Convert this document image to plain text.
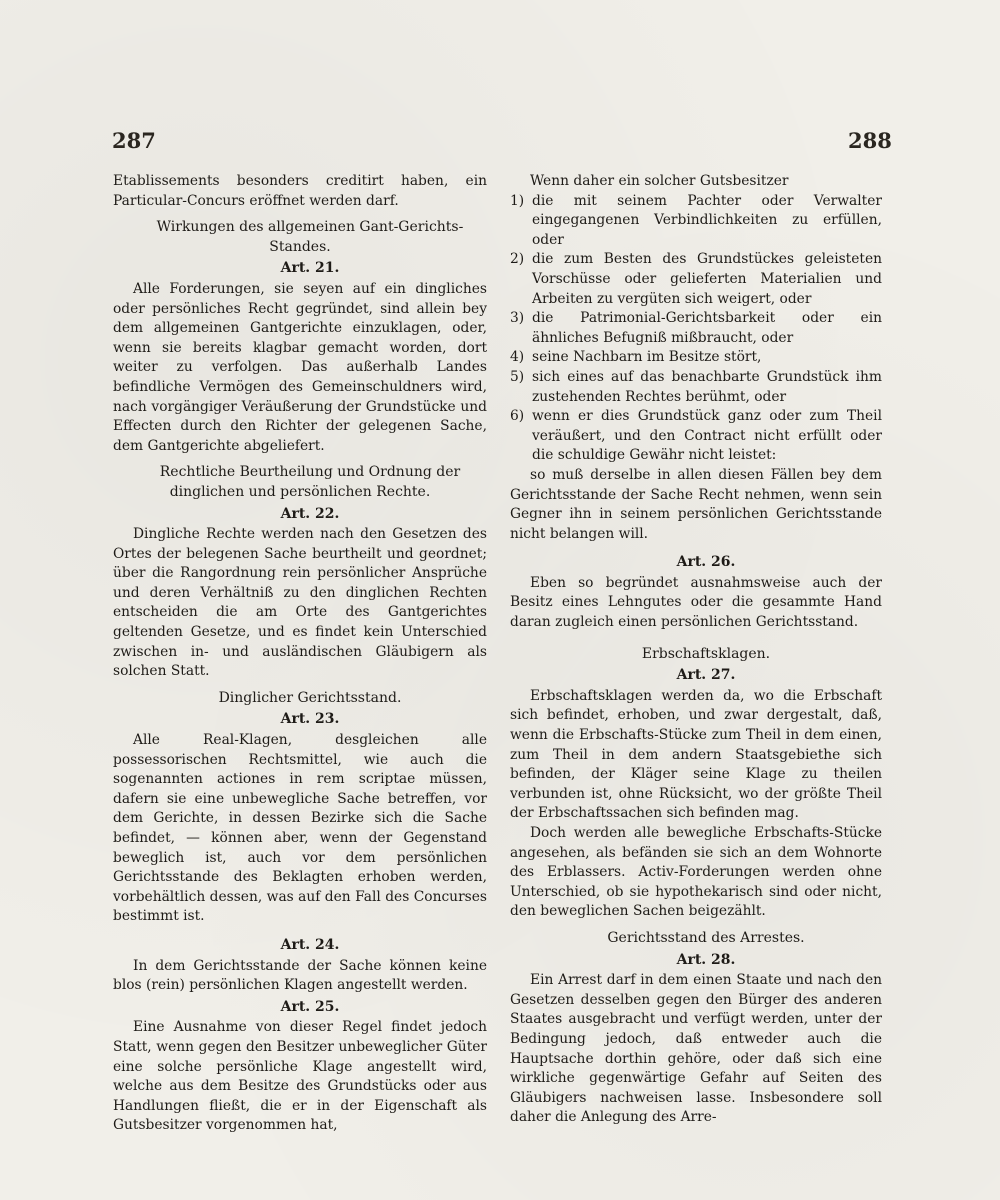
287	288

Etablissements besonders creditirt haben, ein Particular-Concurs eröffnet werden darf.

Wirkungen des allgemeinen Gant-Gerichts-Standes.

Art. 21.

Alle Forderungen, sie seyen auf ein dingliches oder persönliches Recht gegründet, sind allein bey dem allgemeinen Gantgerichte einzuklagen, oder, wenn sie bereits klagbar gemacht worden, dort weiter zu verfolgen. Das außerhalb Landes befindliche Vermögen des Gemeinschuldners wird, nach vorgängiger Veräußerung der Grundstücke und Effecten durch den Richter der gelegenen Sache, dem Gantgerichte abgeliefert.

Rechtliche Beurtheilung und Ordnung der dinglichen und persönlichen Rechte.

Art. 22.

Dingliche Rechte werden nach den Gesetzen des Ortes der belegenen Sache beurtheilt und geordnet; über die Rangordnung rein persönlicher Ansprüche und deren Verhältniß zu den dinglichen Rechten entscheiden die am Orte des Gantgerichtes geltenden Gesetze, und es findet kein Unterschied zwischen in- und ausländischen Gläubigern als solchen Statt.

Dinglicher Gerichtsstand.

Art. 23.

Alle Real-Klagen, desgleichen alle possessorischen Rechtsmittel, wie auch die sogenannten actiones in rem scriptae müssen, dafern sie eine unbewegliche Sache betreffen, vor dem Gerichte, in dessen Bezirke sich die Sache befindet, — können aber, wenn der Gegenstand beweglich ist, auch vor dem persönlichen Gerichtsstande des Beklagten erhoben werden, vorbehältlich dessen, was auf den Fall des Concurses bestimmt ist.

Art. 24.

In dem Gerichtsstande der Sache können keine blos (rein) persönlichen Klagen angestellt werden.

Art. 25.

Eine Ausnahme von dieser Regel findet jedoch Statt, wenn gegen den Besitzer unbeweglicher Güter eine solche persönliche Klage angestellt wird, welche aus dem Besitze des Grundstücks oder aus Handlungen fließt, die er in der Eigenschaft als Gutsbesitzer vorgenommen hat,

Wenn daher ein solcher Gutsbesitzer

1) die mit seinem Pachter oder Verwalter eingegangenen Verbindlichkeiten zu erfüllen, oder
2) die zum Besten des Grundstückes geleisteten Vorschüsse oder gelieferten Materialien und Arbeiten zu vergüten sich weigert, oder
3) die Patrimonial-Gerichtsbarkeit oder ein ähnliches Befugniß mißbraucht, oder
4) seine Nachbarn im Besitze stört,
5) sich eines auf das benachbarte Grundstück ihm zustehenden Rechtes berühmt, oder
6) wenn er dies Grundstück ganz oder zum Theil veräußert, und den Contract nicht erfüllt oder die schuldige Gewähr nicht leistet:

so muß derselbe in allen diesen Fällen bey dem Gerichtsstande der Sache Recht nehmen, wenn sein Gegner ihn in seinem persönlichen Gerichtsstande nicht belangen will.

Art. 26.

Eben so begründet ausnahmsweise auch der Besitz eines Lehngutes oder die gesammte Hand daran zugleich einen persönlichen Gerichtsstand.

Erbschaftsklagen.

Art. 27.

Erbschaftsklagen werden da, wo die Erbschaft sich befindet, erhoben, und zwar dergestalt, daß, wenn die Erbschafts-Stücke zum Theil in dem einen, zum Theil in dem andern Staatsgebiethe sich befinden, der Kläger seine Klage zu theilen verbunden ist, ohne Rücksicht, wo der größte Theil der Erbschaftssachen sich befinden mag.

Doch werden alle bewegliche Erbschafts-Stücke angesehen, als befänden sie sich an dem Wohnorte des Erblassers. Activ-Forderungen werden ohne Unterschied, ob sie hypothekarisch sind oder nicht, den beweglichen Sachen beigezählt.

Gerichtsstand des Arrestes.

Art. 28.

Ein Arrest darf in dem einen Staate und nach den Gesetzen desselben gegen den Bürger des anderen Staates ausgebracht und verfügt werden, unter der Bedingung jedoch, daß entweder auch die Hauptsache dorthin gehöre, oder daß sich eine wirkliche gegenwärtige Gefahr auf Seiten des Gläubigers nachweisen lasse. Insbesondere soll daher die Anlegung des Arre-
